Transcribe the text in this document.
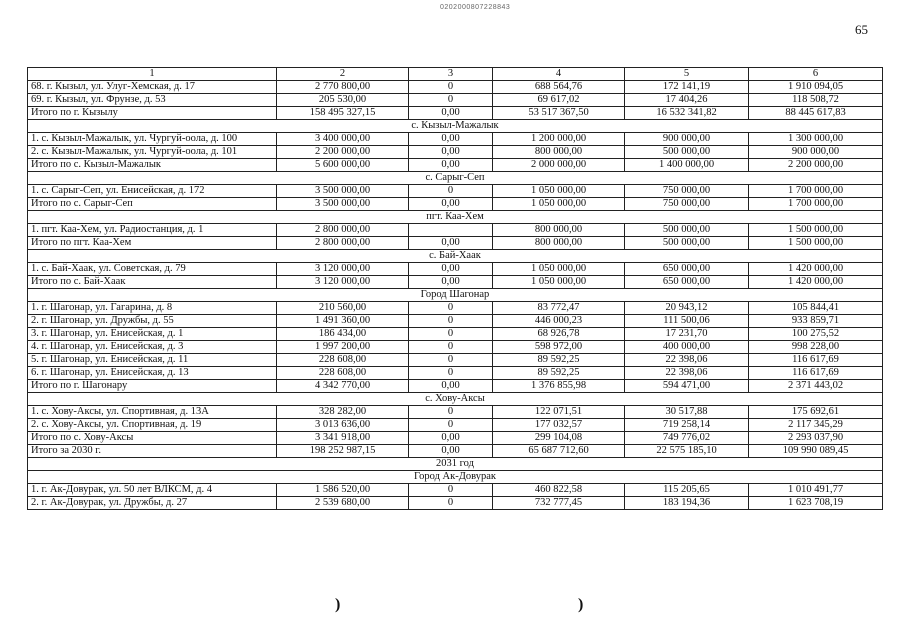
0202000807228843
65
1	2	3	4	5	6
68. г. Кызыл, ул. Улуг-Хемская, д. 17	2 770 800,00	0	688 564,76	172 141,19	1 910 094,05
69. г. Кызыл, ул. Фрунзе, д. 53	205 530,00	0	69 617,02	17 404,26	118 508,72
Итого по г. Кызылу	158 495 327,15	0,00	53 517 367,50	16 532 341,82	88 445 617,83
с. Кызыл-Мажалык					
1. с. Кызыл-Мажалык, ул. Чургуй-оола, д. 100	3 400 000,00	0,00	1 200 000,00	900 000,00	1 300 000,00
2. с. Кызыл-Мажалык, ул. Чургуй-оола, д. 101	2 200 000,00	0,00	800 000,00	500 000,00	900 000,00
Итого по с. Кызыл-Мажалык	5 600 000,00	0,00	2 000 000,00	1 400 000,00	2 200 000,00
с. Сарыг-Сеп					
1. с. Сарыг-Сеп, ул. Енисейская, д. 172	3 500 000,00	0	1 050 000,00	750 000,00	1 700 000,00
Итого по с. Сарыг-Сеп	3 500 000,00	0,00	1 050 000,00	750 000,00	1 700 000,00
пгт. Каа-Хем					
1. пгт. Каа-Хем, ул. Радиостанция, д. 1	2 800 000,00		800 000,00	500 000,00	1 500 000,00
Итого по пгт. Каа-Хем	2 800 000,00	0,00	800 000,00	500 000,00	1 500 000,00
с. Бай-Хаак					
1. с. Бай-Хаак, ул. Советская, д. 79	3 120 000,00	0,00	1 050 000,00	650 000,00	1 420 000,00
Итого по с. Бай-Хаак	3 120 000,00	0,00	1 050 000,00	650 000,00	1 420 000,00
Город Шагонар					
1. г. Шагонар, ул. Гагарина, д. 8	210 560,00	0	83 772,47	20 943,12	105 844,41
2. г. Шагонар, ул. Дружбы, д. 55	1 491 360,00	0	446 000,23	111 500,06	933 859,71
3. г. Шагонар, ул. Енисейская, д. 1	186 434,00	0	68 926,78	17 231,70	100 275,52
4. г. Шагонар, ул. Енисейская, д. 3	1 997 200,00	0	598 972,00	400 000,00	998 228,00
5. г. Шагонар, ул. Енисейская, д. 11	228 608,00	0	89 592,25	22 398,06	116 617,69
6. г. Шагонар, ул. Енисейская, д. 13	228 608,00	0	89 592,25	22 398,06	116 617,69
Итого по г. Шагонару	4 342 770,00	0,00	1 376 855,98	594 471,00	2 371 443,02
с. Хову-Аксы					
1. с. Хову-Аксы, ул. Спортивная, д. 13А	328 282,00	0	122 071,51	30 517,88	175 692,61
2. с. Хову-Аксы, ул. Спортивная, д. 19	3 013 636,00	0	177 032,57	719 258,14	2 117 345,29
Итого по с. Хову-Аксы	3 341 918,00	0,00	299 104,08	749 776,02	2 293 037,90
Итого за 2030 г.	198 252 987,15	0,00	65 687 712,60	22 575 185,10	109 990 089,45
2031 год					
Город Ак-Довурак					
1. г. Ак-Довурак, ул. 50 лет ВЛКСМ, д. 4	1 586 520,00	0	460 822,58	115 205,65	1 010 491,77
2. г. Ак-Довурак, ул. Дружбы, д. 27	2 539 680,00	0	732 777,45	183 194,36	1 623 708,19
)	)
